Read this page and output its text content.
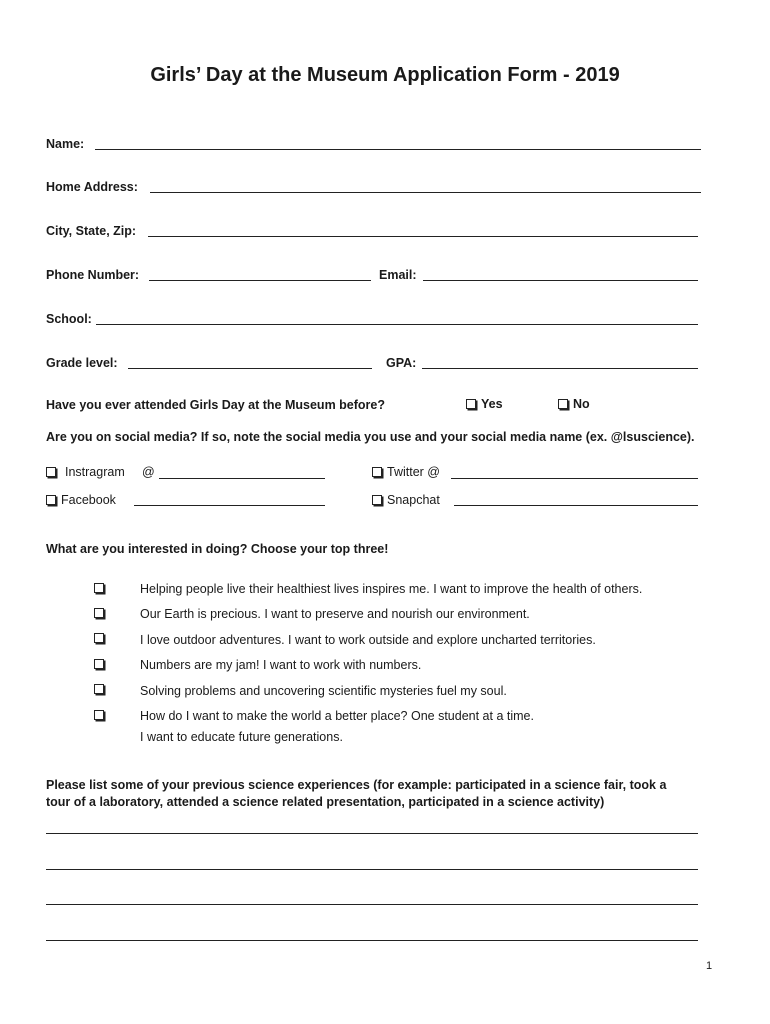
Girls’ Day at the Museum Application Form - 2019
Name:
Home Address:
City, State, Zip:
Phone Number:	Email:
School:
Grade level:	GPA:
Have you ever attended Girls Day at the Museum before?	Yes	No
Are you on social media? If so, note the social media you use and your social media name (ex. @lsuscience).
Instragram @	Twitter @
Facebook	Snapchat
What are you interested in doing? Choose your top three!
Helping people live their healthiest lives inspires me. I want to improve the health of others.
Our Earth is precious. I want to preserve and nourish our environment.
I love outdoor adventures. I want to work outside and explore uncharted territories.
Numbers are my jam! I want to work with numbers.
Solving problems and uncovering scientific mysteries fuel my soul.
How do I want to make the world a better place? One student at a time.
I want to educate future generations.
Please list some of your previous science experiences (for example: participated in a science fair, took a
tour of a laboratory, attended a science related presentation, participated in a science activity)
1
